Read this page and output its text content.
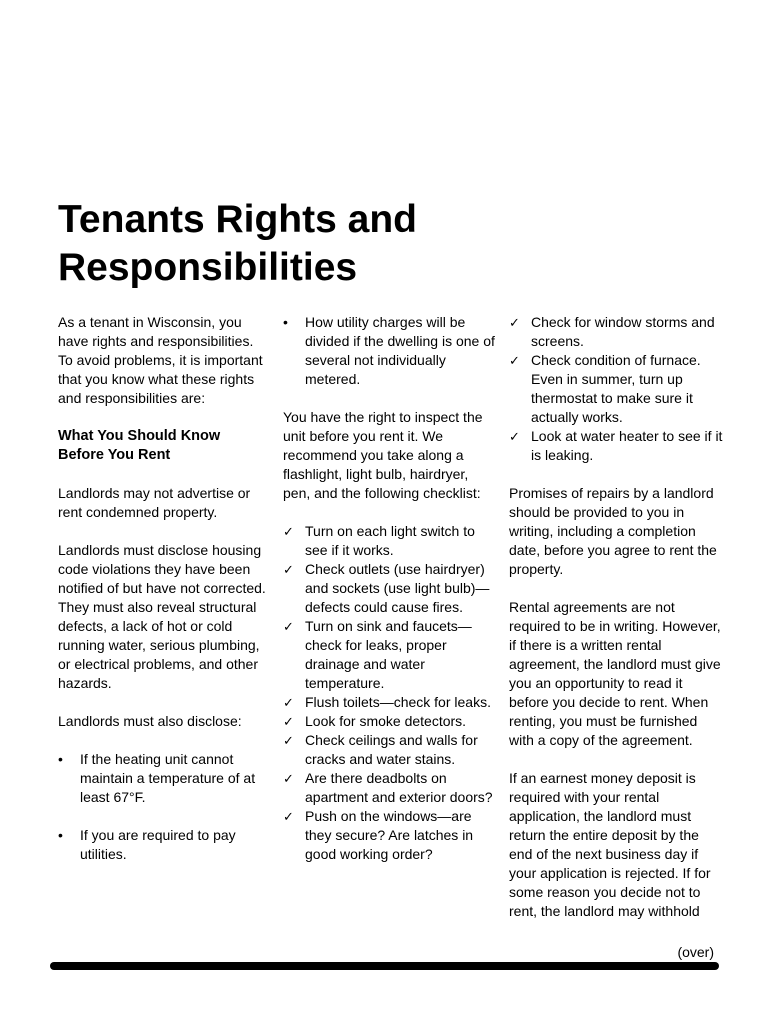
Tenants Rights and
Responsibilities

As a tenant in Wisconsin, you have rights and responsibilities. To avoid problems, it is important that you know what these rights and responsibilities are:

What You Should Know Before You Rent

Landlords may not advertise or rent condemned property.

Landlords must disclose housing code violations they have been notified of but have not corrected. They must also reveal structural defects, a lack of hot or cold running water, serious plumbing, or electrical problems, and other hazards.

Landlords must also disclose:

• If the heating unit cannot maintain a temperature of at least 67°F.
• If you are required to pay utilities.
• How utility charges will be divided if the dwelling is one of several not individually metered.

You have the right to inspect the unit before you rent it. We recommend you take along a flashlight, light bulb, hairdryer, pen, and the following checklist:

✓ Turn on each light switch to see if it works.
✓ Check outlets (use hairdryer) and sockets (use light bulb)—defects could cause fires.
✓ Turn on sink and faucets—check for leaks, proper drainage and water temperature.
✓ Flush toilets—check for leaks.
✓ Look for smoke detectors.
✓ Check ceilings and walls for cracks and water stains.
✓ Are there deadbolts on apartment and exterior doors?
✓ Push on the windows—are they secure? Are latches in good working order?
✓ Check for window storms and screens.
✓ Check condition of furnace. Even in summer, turn up thermostat to make sure it actually works.
✓ Look at water heater to see if it is leaking.

Promises of repairs by a landlord should be provided to you in writing, including a completion date, before you agree to rent the property.

Rental agreements are not required to be in writing. However, if there is a written rental agreement, the landlord must give you an opportunity to read it before you decide to rent. When renting, you must be furnished with a copy of the agreement.

If an earnest money deposit is required with your rental application, the landlord must return the entire deposit by the end of the next business day if your application is rejected. If for some reason you decide not to rent, the landlord may withhold

(over)
